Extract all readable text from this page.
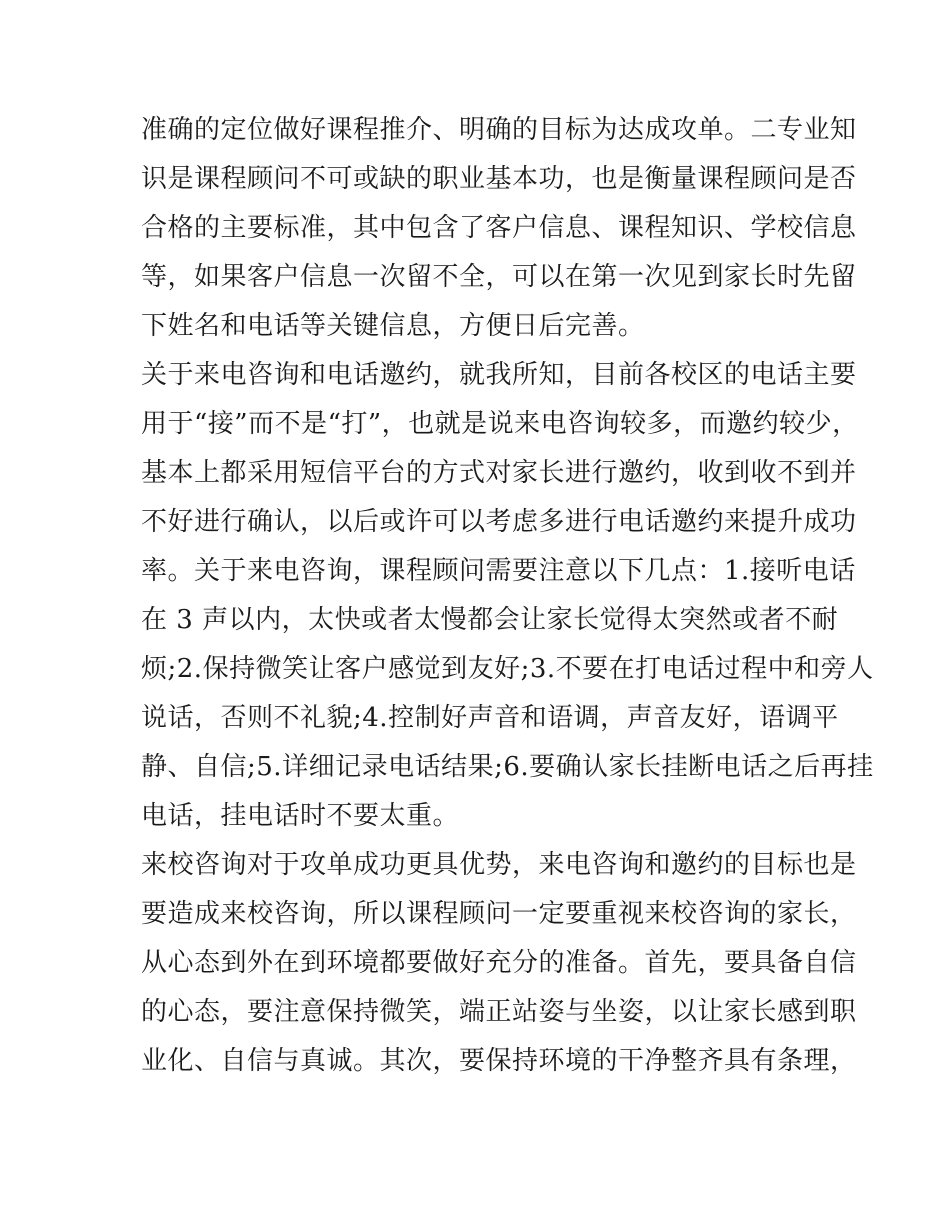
准确的定位做好课程推介、明确的目标为达成攻单。二专业知
识是课程顾问不可或缺的职业基本功，也是衡量课程顾问是否
合格的主要标准，其中包含了客户信息、课程知识、学校信息
等，如果客户信息一次留不全，可以在第一次见到家长时先留
下姓名和电话等关键信息，方便日后完善。
关于来电咨询和电话邀约，就我所知，目前各校区的电话主要
用于“接”而不是“打”，也就是说来电咨询较多，而邀约较少，
基本上都采用短信平台的方式对家长进行邀约，收到收不到并
不好进行确认，以后或许可以考虑多进行电话邀约来提升成功
率。关于来电咨询，课程顾问需要注意以下几点：1.接听电话
在 3 声以内，太快或者太慢都会让家长觉得太突然或者不耐
烦;2.保持微笑让客户感觉到友好;3.不要在打电话过程中和旁人
说话，否则不礼貌;4.控制好声音和语调，声音友好，语调平
静、自信;5.详细记录电话结果;6.要确认家长挂断电话之后再挂
电话，挂电话时不要太重。
来校咨询对于攻单成功更具优势，来电咨询和邀约的目标也是
要造成来校咨询，所以课程顾问一定要重视来校咨询的家长，
从心态到外在到环境都要做好充分的准备。首先，要具备自信
的心态，要注意保持微笑，端正站姿与坐姿，以让家长感到职
业化、自信与真诚。其次，要保持环境的干净整齐具有条理，
